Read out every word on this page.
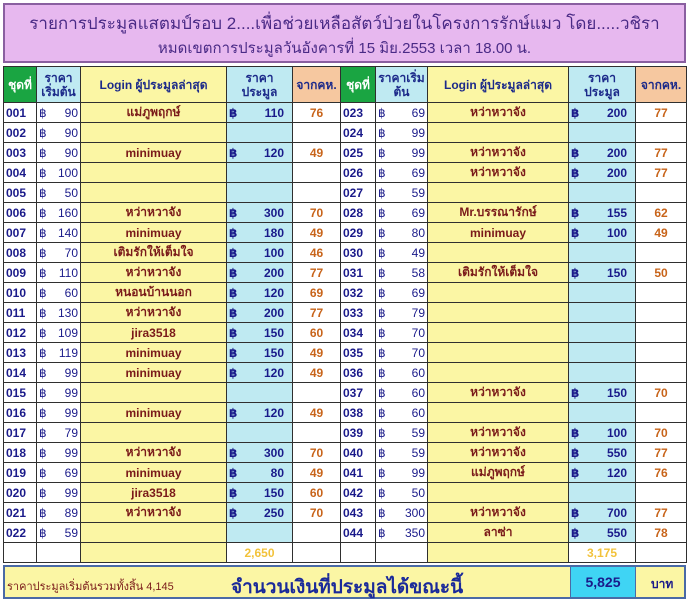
รายการประมูลแสตมป์รอบ 2....เพื่อช่วยเหลือสัตว์ป่วยในโครงการรักษ์แมว โดย.....วชิรา
หมดเขตการประมูลวันอังคารที่ 15 มิย.2553 เวลา 18.00 น.
ชุดที่	ราคาเริ่มต้น	Login ผู้ประมูลล่าสุด	ราคาประมูล	จากคห.
001	฿ 90	แม่ภูพฤกษ์	฿ 110	76
002	฿ 90			

003	฿ 90	minimuay	฿ 120	49
004	฿ 100			

005	฿ 50			

006	฿ 160	หว่าหวาจัง	฿ 300	70
007	฿ 140	minimuay	฿ 180	49
008	฿ 70	เติมรักให้เต็มใจ	฿ 100	46
009	฿ 110	หว่าหวาจัง	฿ 200	77
010	฿ 60	หนอนบ้านนอก	฿ 120	69
011	฿ 130	หว่าหวาจัง	฿ 200	77
012	฿ 109	jira3518	฿ 150	60
013	฿ 119	minimuay	฿ 150	49
014	฿ 99	minimuay	฿ 120	49
015	฿ 99			

016	฿ 99	minimuay	฿ 120	49
017	฿ 79			

018	฿ 99	หว่าหวาจัง	฿ 300	70
019	฿ 69	minimuay	฿ 80	49
020	฿ 99	jira3518	฿ 150	60
021	฿ 89	หว่าหวาจัง	฿ 250	70
022	฿ 59			

			2,650	

ชุดที่	ราคาเริ่มต้น	Login ผู้ประมูลล่าสุด	ราคาประมูล	จากคห.
023	฿ 69	หว่าหวาจัง	฿ 200	77
024	฿ 99			

025	฿ 99	หว่าหวาจัง	฿ 200	77
026	฿ 69	หว่าหวาจัง	฿ 200	77
027	฿ 59			

028	฿ 69	Mr.บรรณารักษ์	฿ 155	62
029	฿ 80	minimuay	฿ 100	49
030	฿ 49			

031	฿ 58	เติมรักให้เต็มใจ	฿ 150	50
032	฿ 69			

033	฿ 79			

034	฿ 70			

035	฿ 70			

036	฿ 60			

037	฿ 60	หว่าหวาจัง	฿ 150	70
038	฿ 60			

039	฿ 59	หว่าหวาจัง	฿ 100	70
040	฿ 59	หว่าหวาจัง	฿ 550	77
041	฿ 99	แม่ภูพฤกษ์	฿ 120	76
042	฿ 50			

043	฿ 300	หว่าหวาจัง	฿ 700	77
044	฿ 350	ลาซ่า	฿ 550	78

			3,175	

ราคาประมูลเริ่มต้นรวมทั้งสิ้น 4,145	จำนวนเงินที่ประมูลได้ขณะนี้	5,825	บาท
